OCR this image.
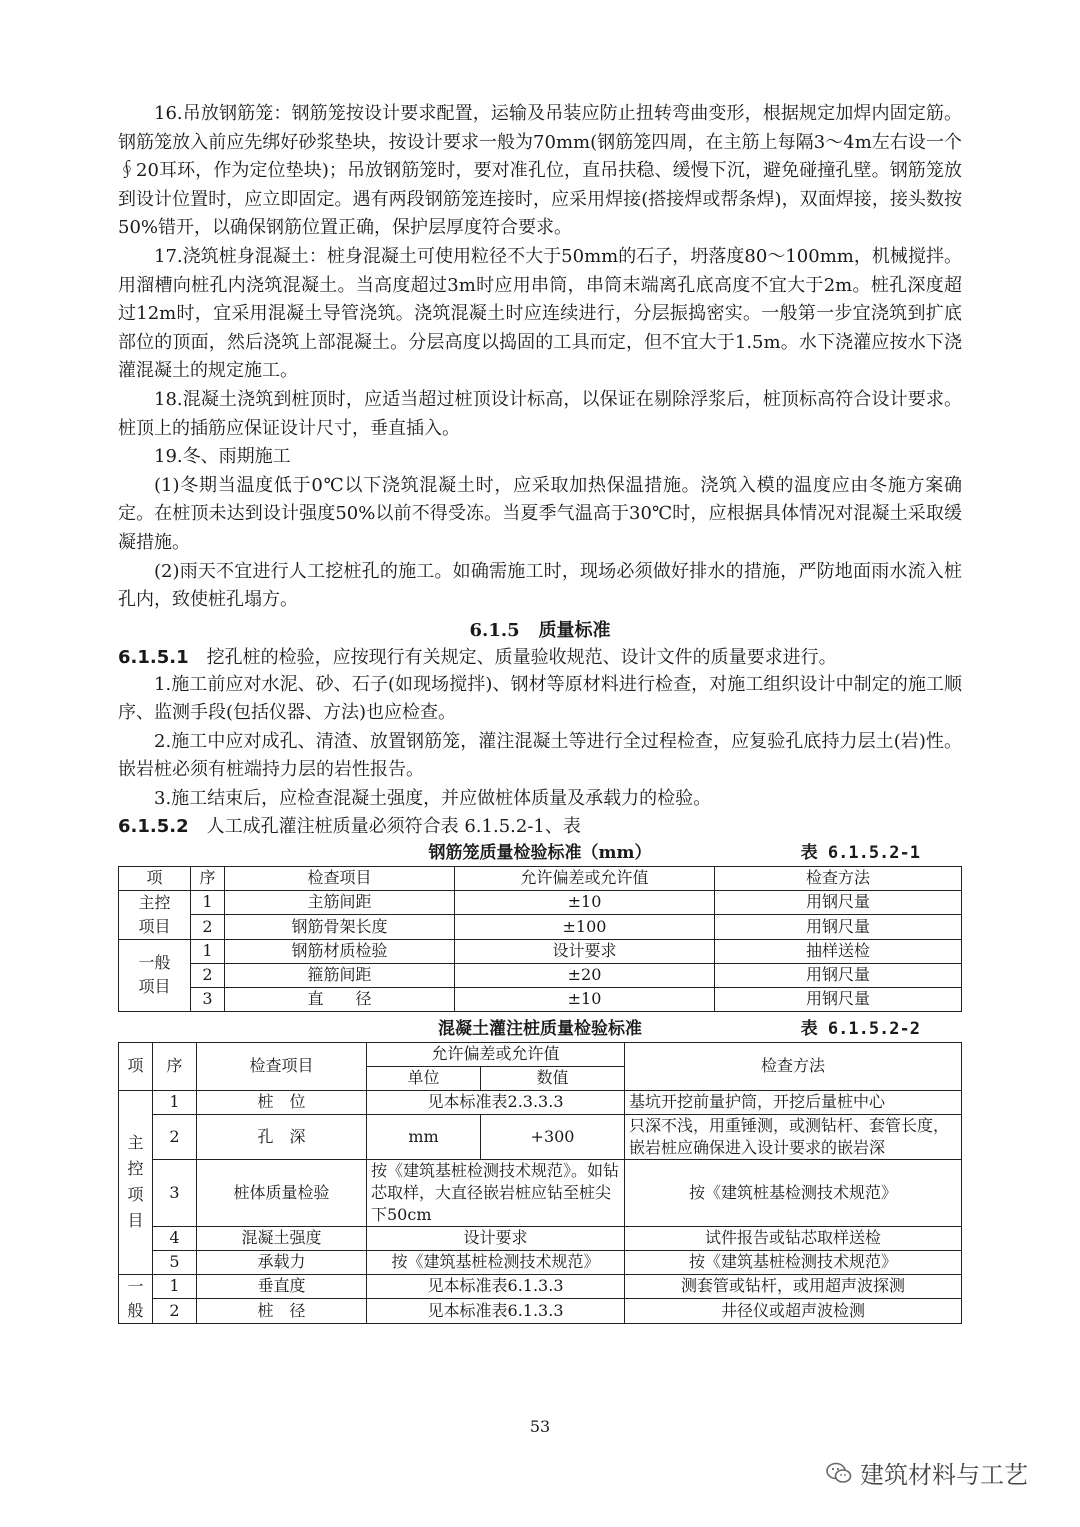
16.吊放钢筋笼：钢筋笼按设计要求配置，运输及吊装应防止扭转弯曲变形，根据规定加焊内固定筋。钢筋笼放入前应先绑好砂浆垫块，按设计要求一般为70mm(钢筋笼四周，在主筋上每隔3～4m左右设一个∮20耳环，作为定位垫块)；吊放钢筋笼时，要对准孔位，直吊扶稳、缓慢下沉，避免碰撞孔壁。钢筋笼放到设计位置时，应立即固定。遇有两段钢筋笼连接时，应采用焊接(搭接焊或帮条焊)，双面焊接，接头数按50%错开，以确保钢筋位置正确，保护层厚度符合要求。

17.浇筑桩身混凝土：桩身混凝土可使用粒径不大于50mm的石子，坍落度80～100mm，机械搅拌。用溜槽向桩孔内浇筑混凝土。当高度超过3m时应用串筒，串筒末端离孔底高度不宜大于2m。桩孔深度超过12m时，宜采用混凝土导管浇筑。浇筑混凝土时应连续进行，分层振捣密实。一般第一步宜浇筑到扩底部位的顶面，然后浇筑上部混凝土。分层高度以捣固的工具而定，但不宜大于1.5m。水下浇灌应按水下浇灌混凝土的规定施工。

18.混凝土浇筑到桩顶时，应适当超过桩顶设计标高，以保证在剔除浮浆后，桩顶标高符合设计要求。桩顶上的插筋应保证设计尺寸，垂直插入。

19.冬、雨期施工

(1)冬期当温度低于0℃以下浇筑混凝土时，应采取加热保温措施。浇筑入模的温度应由冬施方案确定。在桩顶未达到设计强度50%以前不得受冻。当夏季气温高于30℃时，应根据具体情况对混凝土采取缓凝措施。

(2)雨天不宜进行人工挖桩孔的施工。如确需施工时，现场必须做好排水的措施，严防地面雨水流入桩孔内，致使桩孔塌方。

6.1.5 质量标准

6.1.5.1 挖孔桩的检验，应按现行有关规定、质量验收规范、设计文件的质量要求进行。

1.施工前应对水泥、砂、石子(如现场搅拌)、钢材等原材料进行检查，对施工组织设计中制定的施工顺序、监测手段(包括仪器、方法)也应检查。

2.施工中应对成孔、清渣、放置钢筋笼，灌注混凝土等进行全过程检查，应复验孔底持力层土(岩)性。嵌岩桩必须有桩端持力层的岩性报告。

3.施工结束后，应检查混凝土强度，并应做桩体质量及承载力的检验。

6.1.5.2 人工成孔灌注桩质量必须符合表 6.1.5.2-1、表

钢筋笼质量检验标准（mm）	表 6.1.5.2-1
项	序	检查项目	允许偏差或允许值	检查方法
主控项目	1	主筋间距	±10	用钢尺量
	2	钢筋骨架长度	±100	用钢尺量
一般项目	1	钢筋材质检验	设计要求	抽样送检
	2	箍筋间距	±20	用钢尺量
	3	直　　径	±10	用钢尺量
混凝土灌注桩质量检验标准	表 6.1.5.2-2
项	序	检查项目	允许偏差或允许值		检查方法
			单位	数值	
主控项目	1	桩　位	见本标准表2.3.3.3		基坑开挖前量护筒，开挖后量桩中心
	2	孔　深	mm	+300	只深不浅，用重锤测，或测钻杆、套管长度，嵌岩桩应确保进入设计要求的嵌岩深
	3	桩体质量检验	按《建筑基桩检测技术规范》。如钻芯取样，大直径嵌岩桩应钻至桩尖下50cm		按《建筑桩基检测技术规范》
	4	混凝土强度	设计要求		试件报告或钻芯取样送检
	5	承载力	按《建筑基桩检测技术规范》		按《建筑基桩检测技术规范》
一般	1	垂直度	见本标准表6.1.3.3		测套管或钻杆，或用超声波探测
	2	桩　径	见本标准表6.1.3.3		井径仪或超声波检测
53
建筑材料与工艺
